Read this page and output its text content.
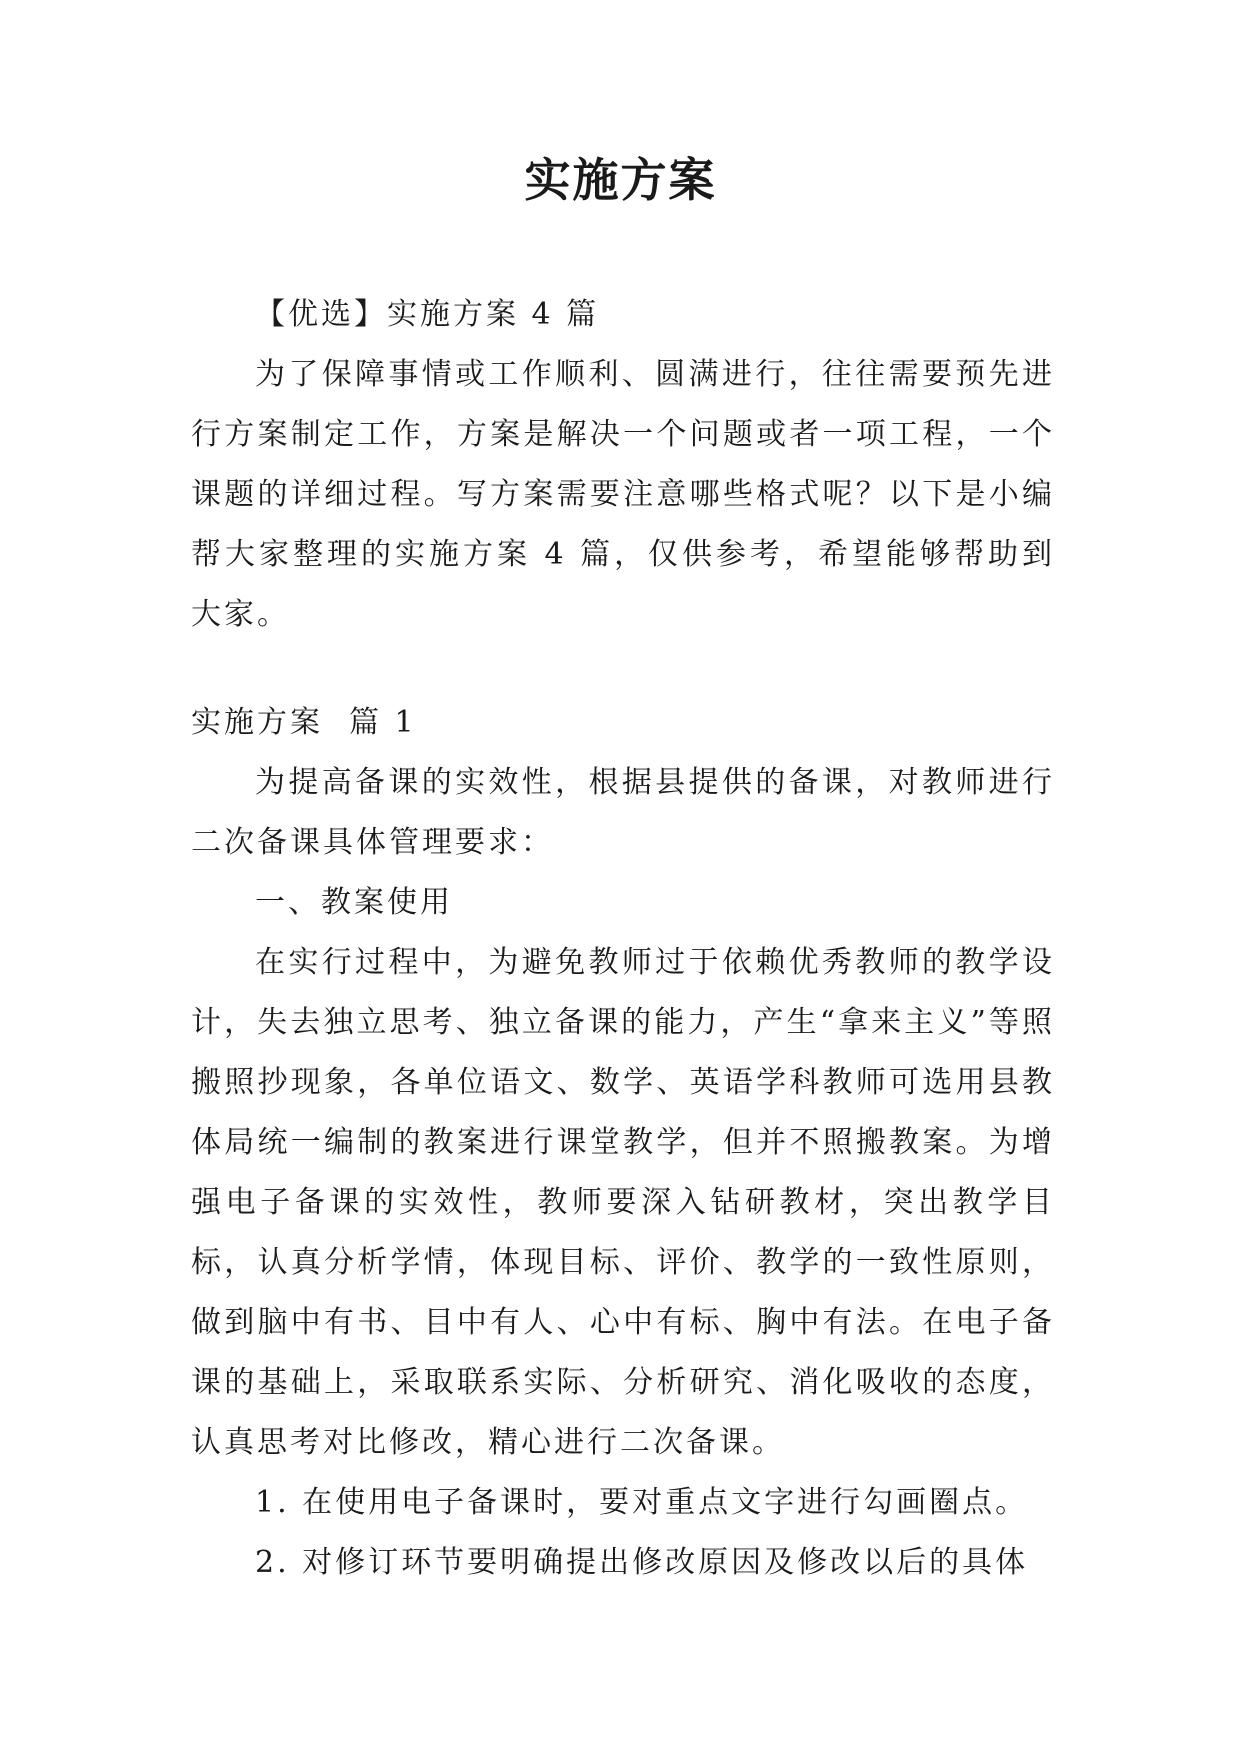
实施方案

【优选】实施方案 4 篇

为了保障事情或工作顺利、圆满进行，往往需要预先进行方案制定工作，方案是解决一个问题或者一项工程，一个课题的详细过程。写方案需要注意哪些格式呢？以下是小编帮大家整理的实施方案 4 篇，仅供参考，希望能够帮助到大家。

实施方案 篇 1

为提高备课的实效性，根据县提供的备课，对教师进行二次备课具体管理要求：

一、教案使用

在实行过程中，为避免教师过于依赖优秀教师的教学设计，失去独立思考、独立备课的能力，产生“拿来主义”等照搬照抄现象，各单位语文、数学、英语学科教师可选用县教体局统一编制的教案进行课堂教学，但并不照搬教案。为增强电子备课的实效性，教师要深入钻研教材，突出教学目标，认真分析学情，体现目标、评价、教学的一致性原则，做到脑中有书、目中有人、心中有标、胸中有法。在电子备课的基础上，采取联系实际、分析研究、消化吸收的态度，认真思考对比修改，精心进行二次备课。

1. 在使用电子备课时，要对重点文字进行勾画圈点。

2. 对修订环节要明确提出修改原因及修改以后的具体
